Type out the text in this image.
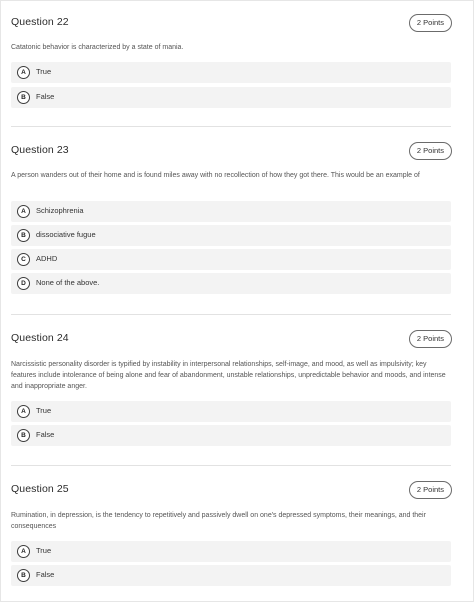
Question 22	2 Points
Catatonic behavior is characterized by a state of mania.
A	True
B	False
Question 23	2 Points
A person wanders out of their home and is found miles away with no recollection of how they got there. This would be an example of
A	Schizophrenia
B	dissociative fugue
C	ADHD
D	None of the above.
Question 24	2 Points
Narcissistic personality disorder is typified by instability in interpersonal relationships, self-image, and mood, as well as impulsivity; key features include intolerance of being alone and fear of abandonment, unstable relationships, unpredictable behavior and moods, and intense and inappropriate anger.
A	True
B	False
Question 25	2 Points
Rumination, in depression, is the tendency to repetitively and passively dwell on one's depressed symptoms, their meanings, and their consequences
A	True
B	False
